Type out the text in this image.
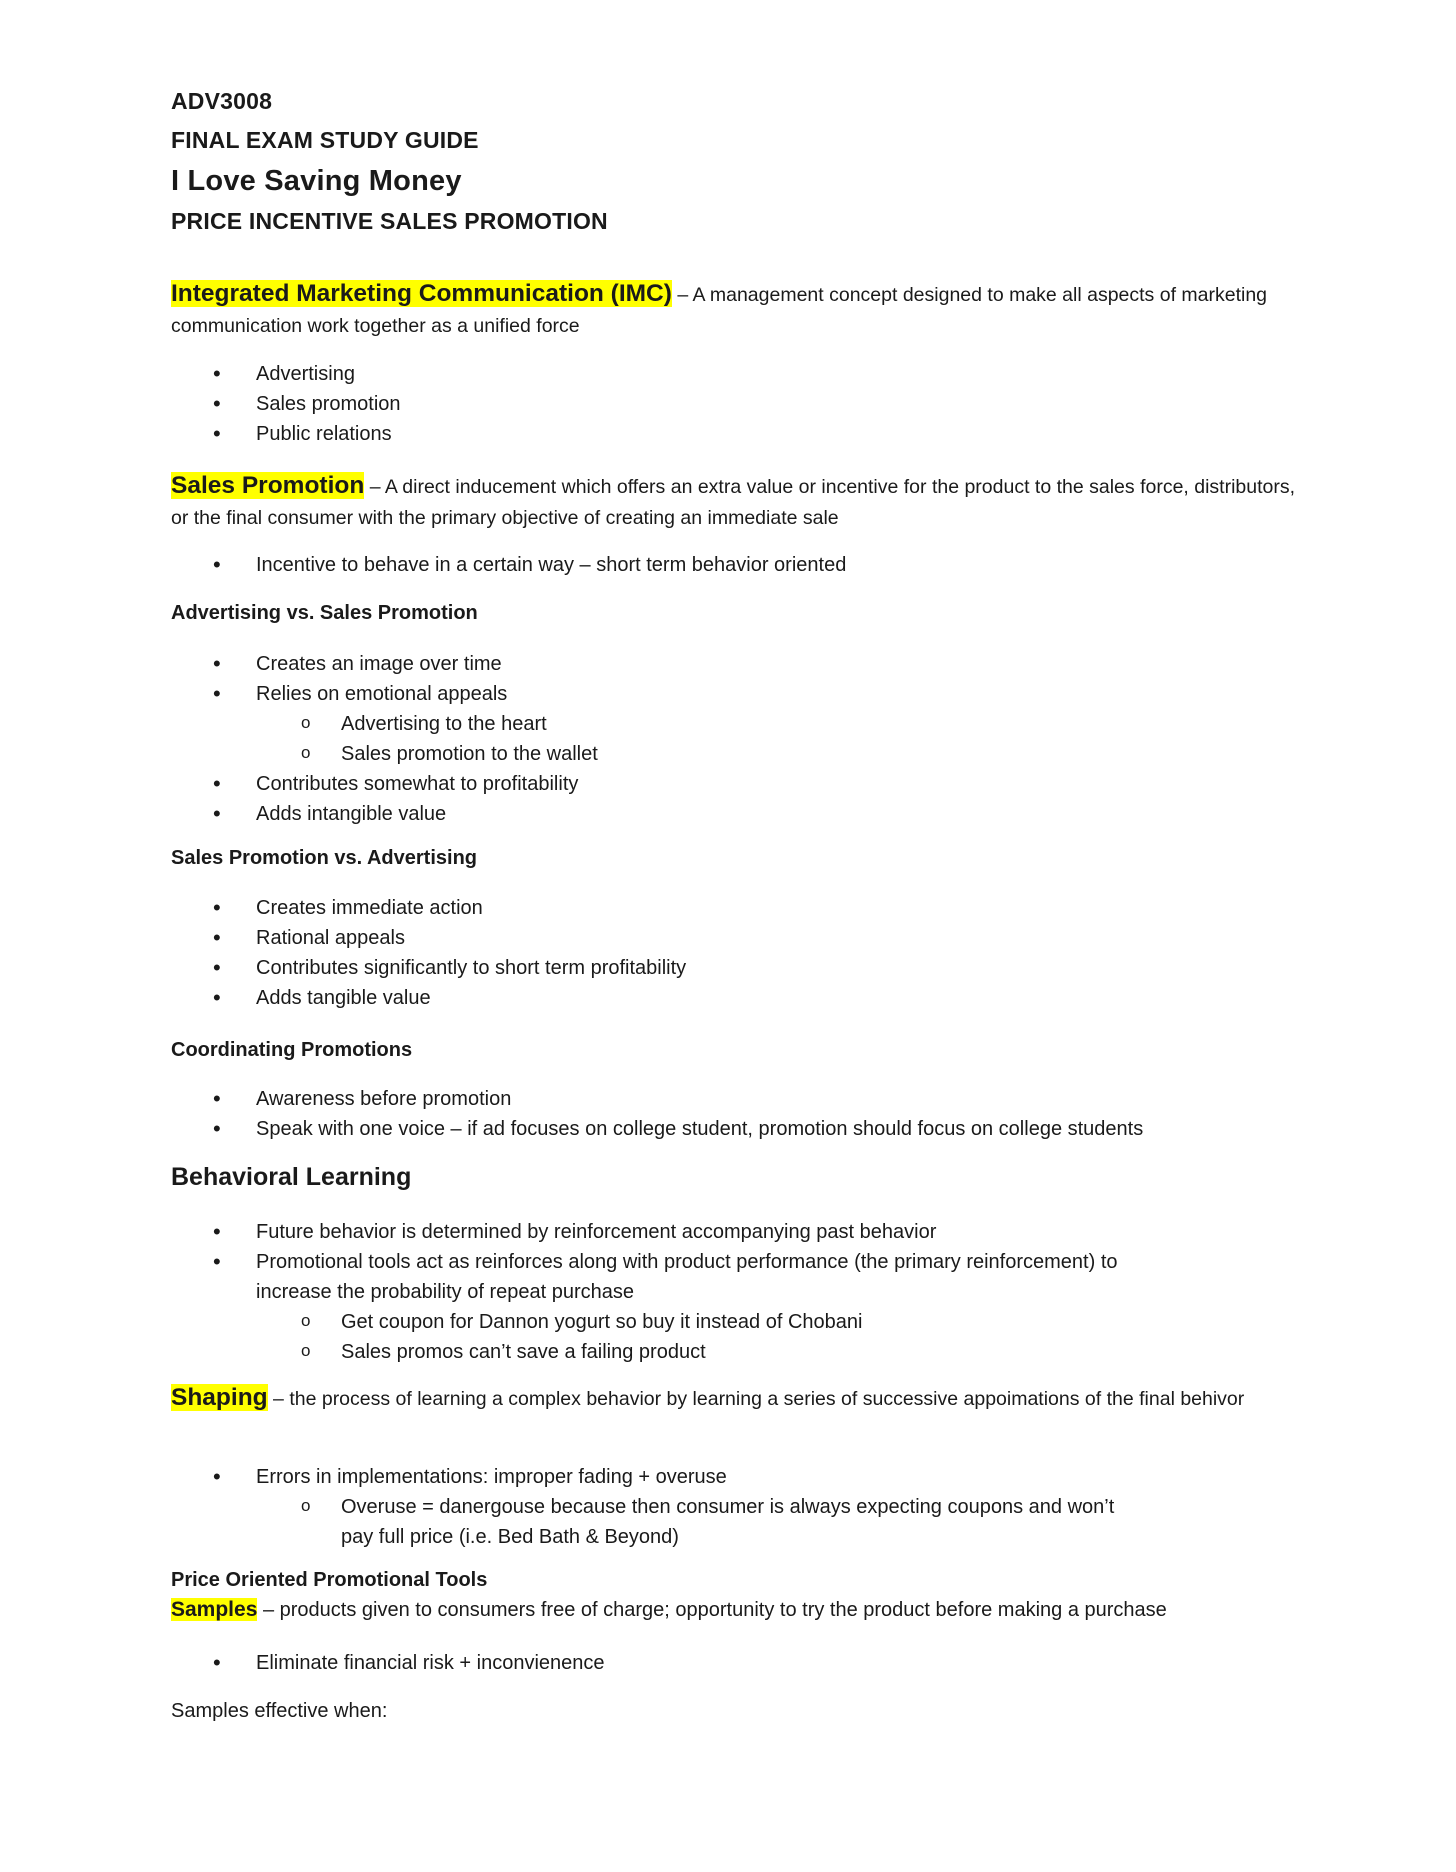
ADV3008
FINAL EXAM STUDY GUIDE
I Love Saving Money
PRICE INCENTIVE SALES PROMOTION
Integrated Marketing Communication (IMC) – A management concept designed to make all aspects of marketing communication work together as a unified force
• Advertising
• Sales promotion
• Public relations
Sales Promotion – A direct inducement which offers an extra value or incentive for the product to the sales force, distributors, or the final consumer with the primary objective of creating an immediate sale
• Incentive to behave in a certain way – short term behavior oriented
Advertising vs. Sales Promotion
• Creates an image over time
• Relies on emotional appeals
o Advertising to the heart
o Sales promotion to the wallet
• Contributes somewhat to profitability
• Adds intangible value
Sales Promotion vs. Advertising
• Creates immediate action
• Rational appeals
• Contributes significantly to short term profitability
• Adds tangible value
Coordinating Promotions
• Awareness before promotion
• Speak with one voice – if ad focuses on college student, promotion should focus on college students
Behavioral Learning
• Future behavior is determined by reinforcement accompanying past behavior
• Promotional tools act as reinforces along with product performance (the primary reinforcement) to increase the probability of repeat purchase
o Get coupon for Dannon yogurt so buy it instead of Chobani
o Sales promos can’t save a failing product
Shaping – the process of learning a complex behavior by learning a series of successive appoimations of the final behivor
• Errors in implementations: improper fading + overuse
o Overuse = danergouse because then consumer is always expecting coupons and won’t pay full price (i.e. Bed Bath & Beyond)
Price Oriented Promotional Tools
Samples – products given to consumers free of charge; opportunity to try the product before making a purchase
• Eliminate financial risk + inconvienence
Samples effective when:
